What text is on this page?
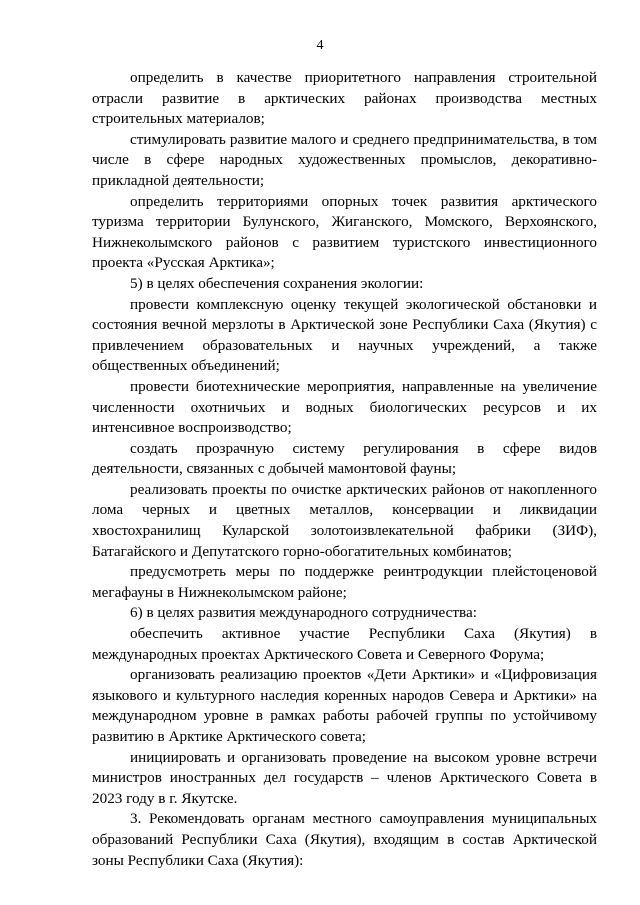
4

определить в качестве приоритетного направления строительной отрасли развитие в арктических районах производства местных строительных материалов;

стимулировать развитие малого и среднего предпринимательства, в том числе в сфере народных художественных промыслов, декоративно-прикладной деятельности;

определить территориями опорных точек развития арктического туризма территории Булунского, Жиганского, Момского, Верхоянского, Нижнеколымского районов с развитием туристского инвестиционного проекта «Русская Арктика»;

5) в целях обеспечения сохранения экологии:

провести комплексную оценку текущей экологической обстановки и состояния вечной мерзлоты в Арктической зоне Республики Саха (Якутия) с привлечением образовательных и научных учреждений, а также общественных объединений;

провести биотехнические мероприятия, направленные на увеличение численности охотничьих и водных биологических ресурсов и их интенсивное воспроизводство;

создать прозрачную систему регулирования в сфере видов деятельности, связанных с добычей мамонтовой фауны;

реализовать проекты по очистке арктических районов от накопленного лома черных и цветных металлов, консервации и ликвидации хвостохранилищ Куларской золотоизвлекательной фабрики (ЗИФ), Батагайского и Депутатского горно-обогатительных комбинатов;

предусмотреть меры по поддержке реинтродукции плейстоценовой мегафауны в Нижнеколымском районе;

6) в целях развития международного сотрудничества:

обеспечить активное участие Республики Саха (Якутия) в международных проектах Арктического Совета и Северного Форума;

организовать реализацию проектов «Дети Арктики» и «Цифровизация языкового и культурного наследия коренных народов Севера и Арктики» на международном уровне в рамках работы рабочей группы по устойчивому развитию в Арктике Арктического совета;

инициировать и организовать проведение на высоком уровне встречи министров иностранных дел государств – членов Арктического Совета в 2023 году в г. Якутске.

3. Рекомендовать органам местного самоуправления муниципальных образований Республики Саха (Якутия), входящим в состав Арктической зоны Республики Саха (Якутия):
